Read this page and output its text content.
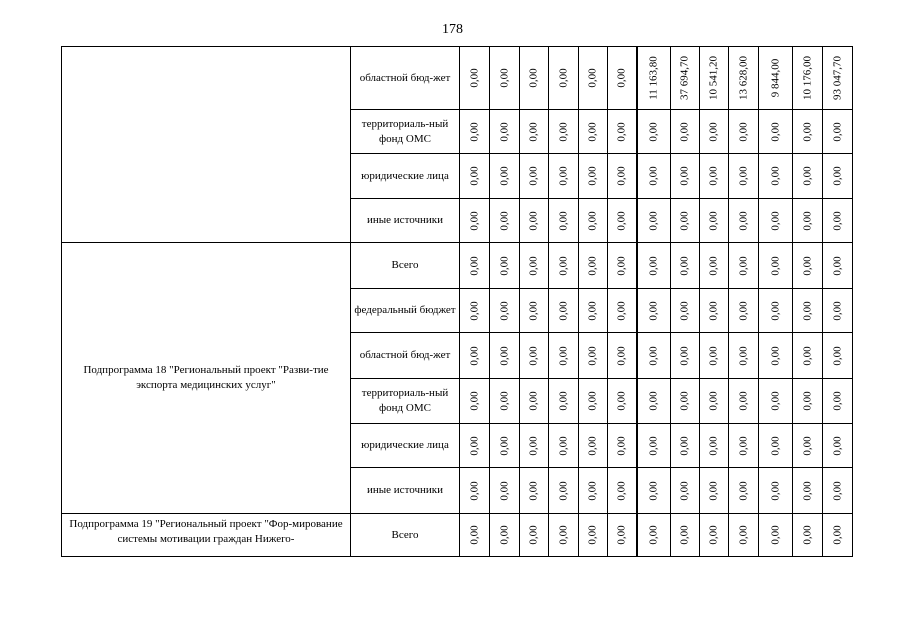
178
	областной бюд-жет	0,00	0,00	0,00	0,00	0,00	0,00	11 163,80	37 694,70	10 541,20	13 628,00	9 844,00	10 176,00	93 047,70

	территориаль-ный фонд ОМС	0,00	0,00	0,00	0,00	0,00	0,00	0,00	0,00	0,00	0,00	0,00	0,00	0,00

	юридические лица	0,00	0,00	0,00	0,00	0,00	0,00	0,00	0,00	0,00	0,00	0,00	0,00	0,00

	иные источники	0,00	0,00	0,00	0,00	0,00	0,00	0,00	0,00	0,00	0,00	0,00	0,00	0,00

Подпрограмма 18 "Региональный проект "Разви-тие экспорта медицинских услуг"	Всего	0,00	0,00	0,00	0,00	0,00	0,00	0,00	0,00	0,00	0,00	0,00	0,00	0,00

	федеральный бюджет	0,00	0,00	0,00	0,00	0,00	0,00	0,00	0,00	0,00	0,00	0,00	0,00	0,00

	областной бюд-жет	0,00	0,00	0,00	0,00	0,00	0,00	0,00	0,00	0,00	0,00	0,00	0,00	0,00

	территориаль-ный фонд ОМС	0,00	0,00	0,00	0,00	0,00	0,00	0,00	0,00	0,00	0,00	0,00	0,00	0,00

	юридические лица	0,00	0,00	0,00	0,00	0,00	0,00	0,00	0,00	0,00	0,00	0,00	0,00	0,00

	иные источники	0,00	0,00	0,00	0,00	0,00	0,00	0,00	0,00	0,00	0,00	0,00	0,00	0,00

Подпрограмма 19 "Региональный проект "Фор-мирование системы мотивации граждан Нижего-	Всего	0,00	0,00	0,00	0,00	0,00	0,00	0,00	0,00	0,00	0,00	0,00	0,00	0,00
